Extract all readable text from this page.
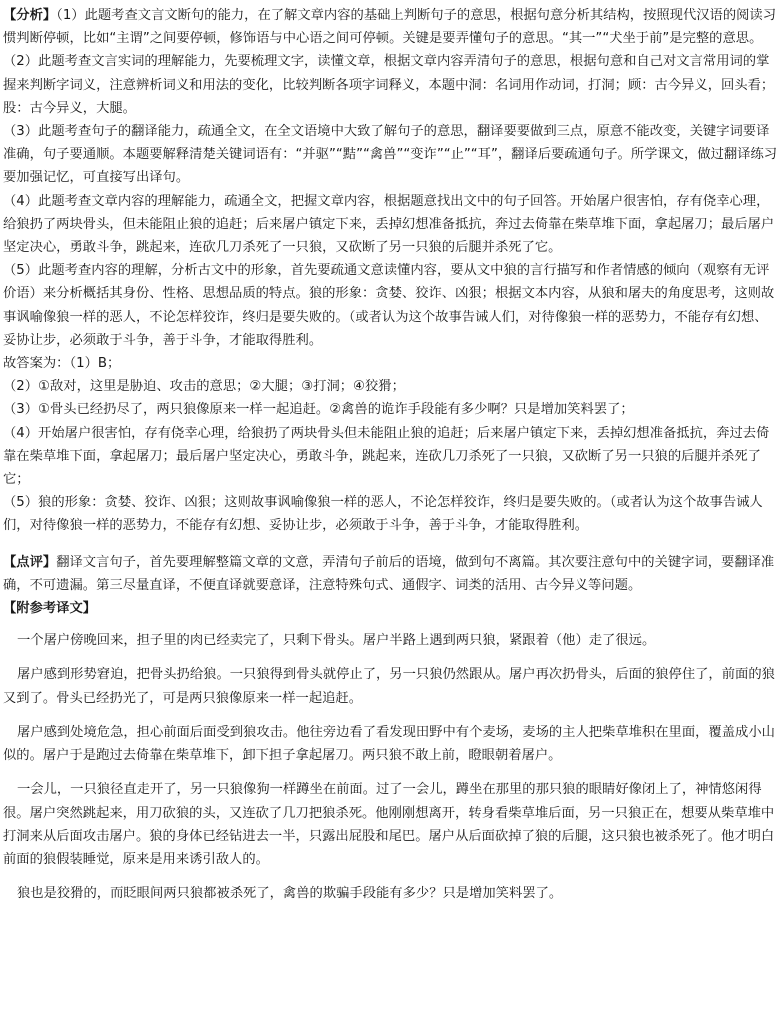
【分析】（1）此题考查文言文断句的能力，在了解文章内容的基础上判断句子的意思，根据句意分析其结构，按照现代汉语的阅读习惯判断停顿，比如“主谓”之间要停顿，修饰语与中心语之间可停顿。关键是要弄懂句子的意思。“其一”“犬坐于前”是完整的意思。

（2）此题考查文言实词的理解能力，先要梳理文字，读懂文章，根据文章内容弄清句子的意思，根据句意和自己对文言常用词的掌握来判断字词义，注意辨析词义和用法的变化，比较判断各项字词释义，本题中洞：名词用作动词，打洞；顾：古今异义，回头看；股：古今异义，大腿。

（3）此题考查句子的翻译能力，疏通全文，在全文语境中大致了解句子的意思，翻译要要做到三点，原意不能改变，关键字词要译准确，句子要通顺。本题要解释清楚关键词语有：“并驱”“黠”“禽兽”“变诈”“止”“耳”，翻译后要疏通句子。所学课文，做过翻译练习要加强记忆，可直接写出译句。

（4）此题考查文章内容的理解能力，疏通全文，把握文章内容，根据题意找出文中的句子回答。开始屠户很害怕，存有侥幸心理，给狼扔了两块骨头，但未能阻止狼的追赶；后来屠户镇定下来，丢掉幻想准备抵抗，奔过去倚靠在柴草堆下面，拿起屠刀；最后屠户坚定决心，勇敢斗争，跳起来，连砍几刀杀死了一只狼，又砍断了另一只狼的后腿并杀死了它。

（5）此题考查内容的理解，分析古文中的形象，首先要疏通文意读懂内容，要从文中狼的言行描写和作者情感的倾向（观察有无评价语）来分析概括其身份、性格、思想品质的特点。狼的形象：贪婪、狡诈、凶狠；根据文本内容，从狼和屠夫的角度思考，这则故事讽喻像狼一样的恶人，不论怎样狡诈，终归是要失败的。（或者认为这个故事告诫人们，对待像狼一样的恶势力，不能存有幻想、妥协让步，必须敢于斗争，善于斗争，才能取得胜利。

故答案为：（1）B；

（2）①敌对，这里是胁迫、攻击的意思；②大腿；③打洞；④狡猾；

（3）①骨头已经扔尽了，两只狼像原来一样一起追赶。②禽兽的诡诈手段能有多少啊？只是增加笑料罢了；

（4）开始屠户很害怕，存有侥幸心理，给狼扔了两块骨头但未能阻止狼的追赶；后来屠户镇定下来，丢掉幻想准备抵抗，奔过去倚靠在柴草堆下面，拿起屠刀；最后屠户坚定决心，勇敢斗争，跳起来，连砍几刀杀死了一只狼，又砍断了另一只狼的后腿并杀死了它；

（5）狼的形象：贪婪、狡诈、凶狠；这则故事讽喻像狼一样的恶人，不论怎样狡诈，终归是要失败的。（或者认为这个故事告诫人们，对待像狼一样的恶势力，不能存有幻想、妥协让步，必须敢于斗争，善于斗争，才能取得胜利。

【点评】翻译文言句子，首先要理解整篇文章的文意，弄清句子前后的语境，做到句不离篇。其次要注意句中的关键字词，要翻译准确，不可遗漏。第三尽量直译，不便直译就要意译，注意特殊句式、通假字、词类的活用、古今异义等问题。

【附参考译文】

一个屠户傍晚回来，担子里的肉已经卖完了，只剩下骨头。屠户半路上遇到两只狼，紧跟着（他）走了很远。

屠户感到形势窘迫，把骨头扔给狼。一只狼得到骨头就停止了，另一只狼仍然跟从。屠户再次扔骨头，后面的狼停住了，前面的狼又到了。骨头已经扔光了，可是两只狼像原来一样一起追赶。

屠户感到处境危急，担心前面后面受到狼攻击。他往旁边看了看发现田野中有个麦场，麦场的主人把柴草堆积在里面，覆盖成小山似的。屠户于是跑过去倚靠在柴草堆下，卸下担子拿起屠刀。两只狼不敢上前，瞪眼朝着屠户。

一会儿，一只狼径直走开了，另一只狼像狗一样蹲坐在前面。过了一会儿，蹲坐在那里的那只狼的眼睛好像闭上了，神情悠闲得很。屠户突然跳起来，用刀砍狼的头，又连砍了几刀把狼杀死。他刚刚想离开，转身看柴草堆后面，另一只狼正在，想要从柴草堆中打洞来从后面攻击屠户。狼的身体已经钻进去一半，只露出屁股和尾巴。屠户从后面砍掉了狼的后腿，这只狼也被杀死了。他才明白前面的狼假装睡觉，原来是用来诱引敌人的。

狼也是狡猾的，而眨眼间两只狼都被杀死了，禽兽的欺骗手段能有多少？只是增加笑料罢了。
